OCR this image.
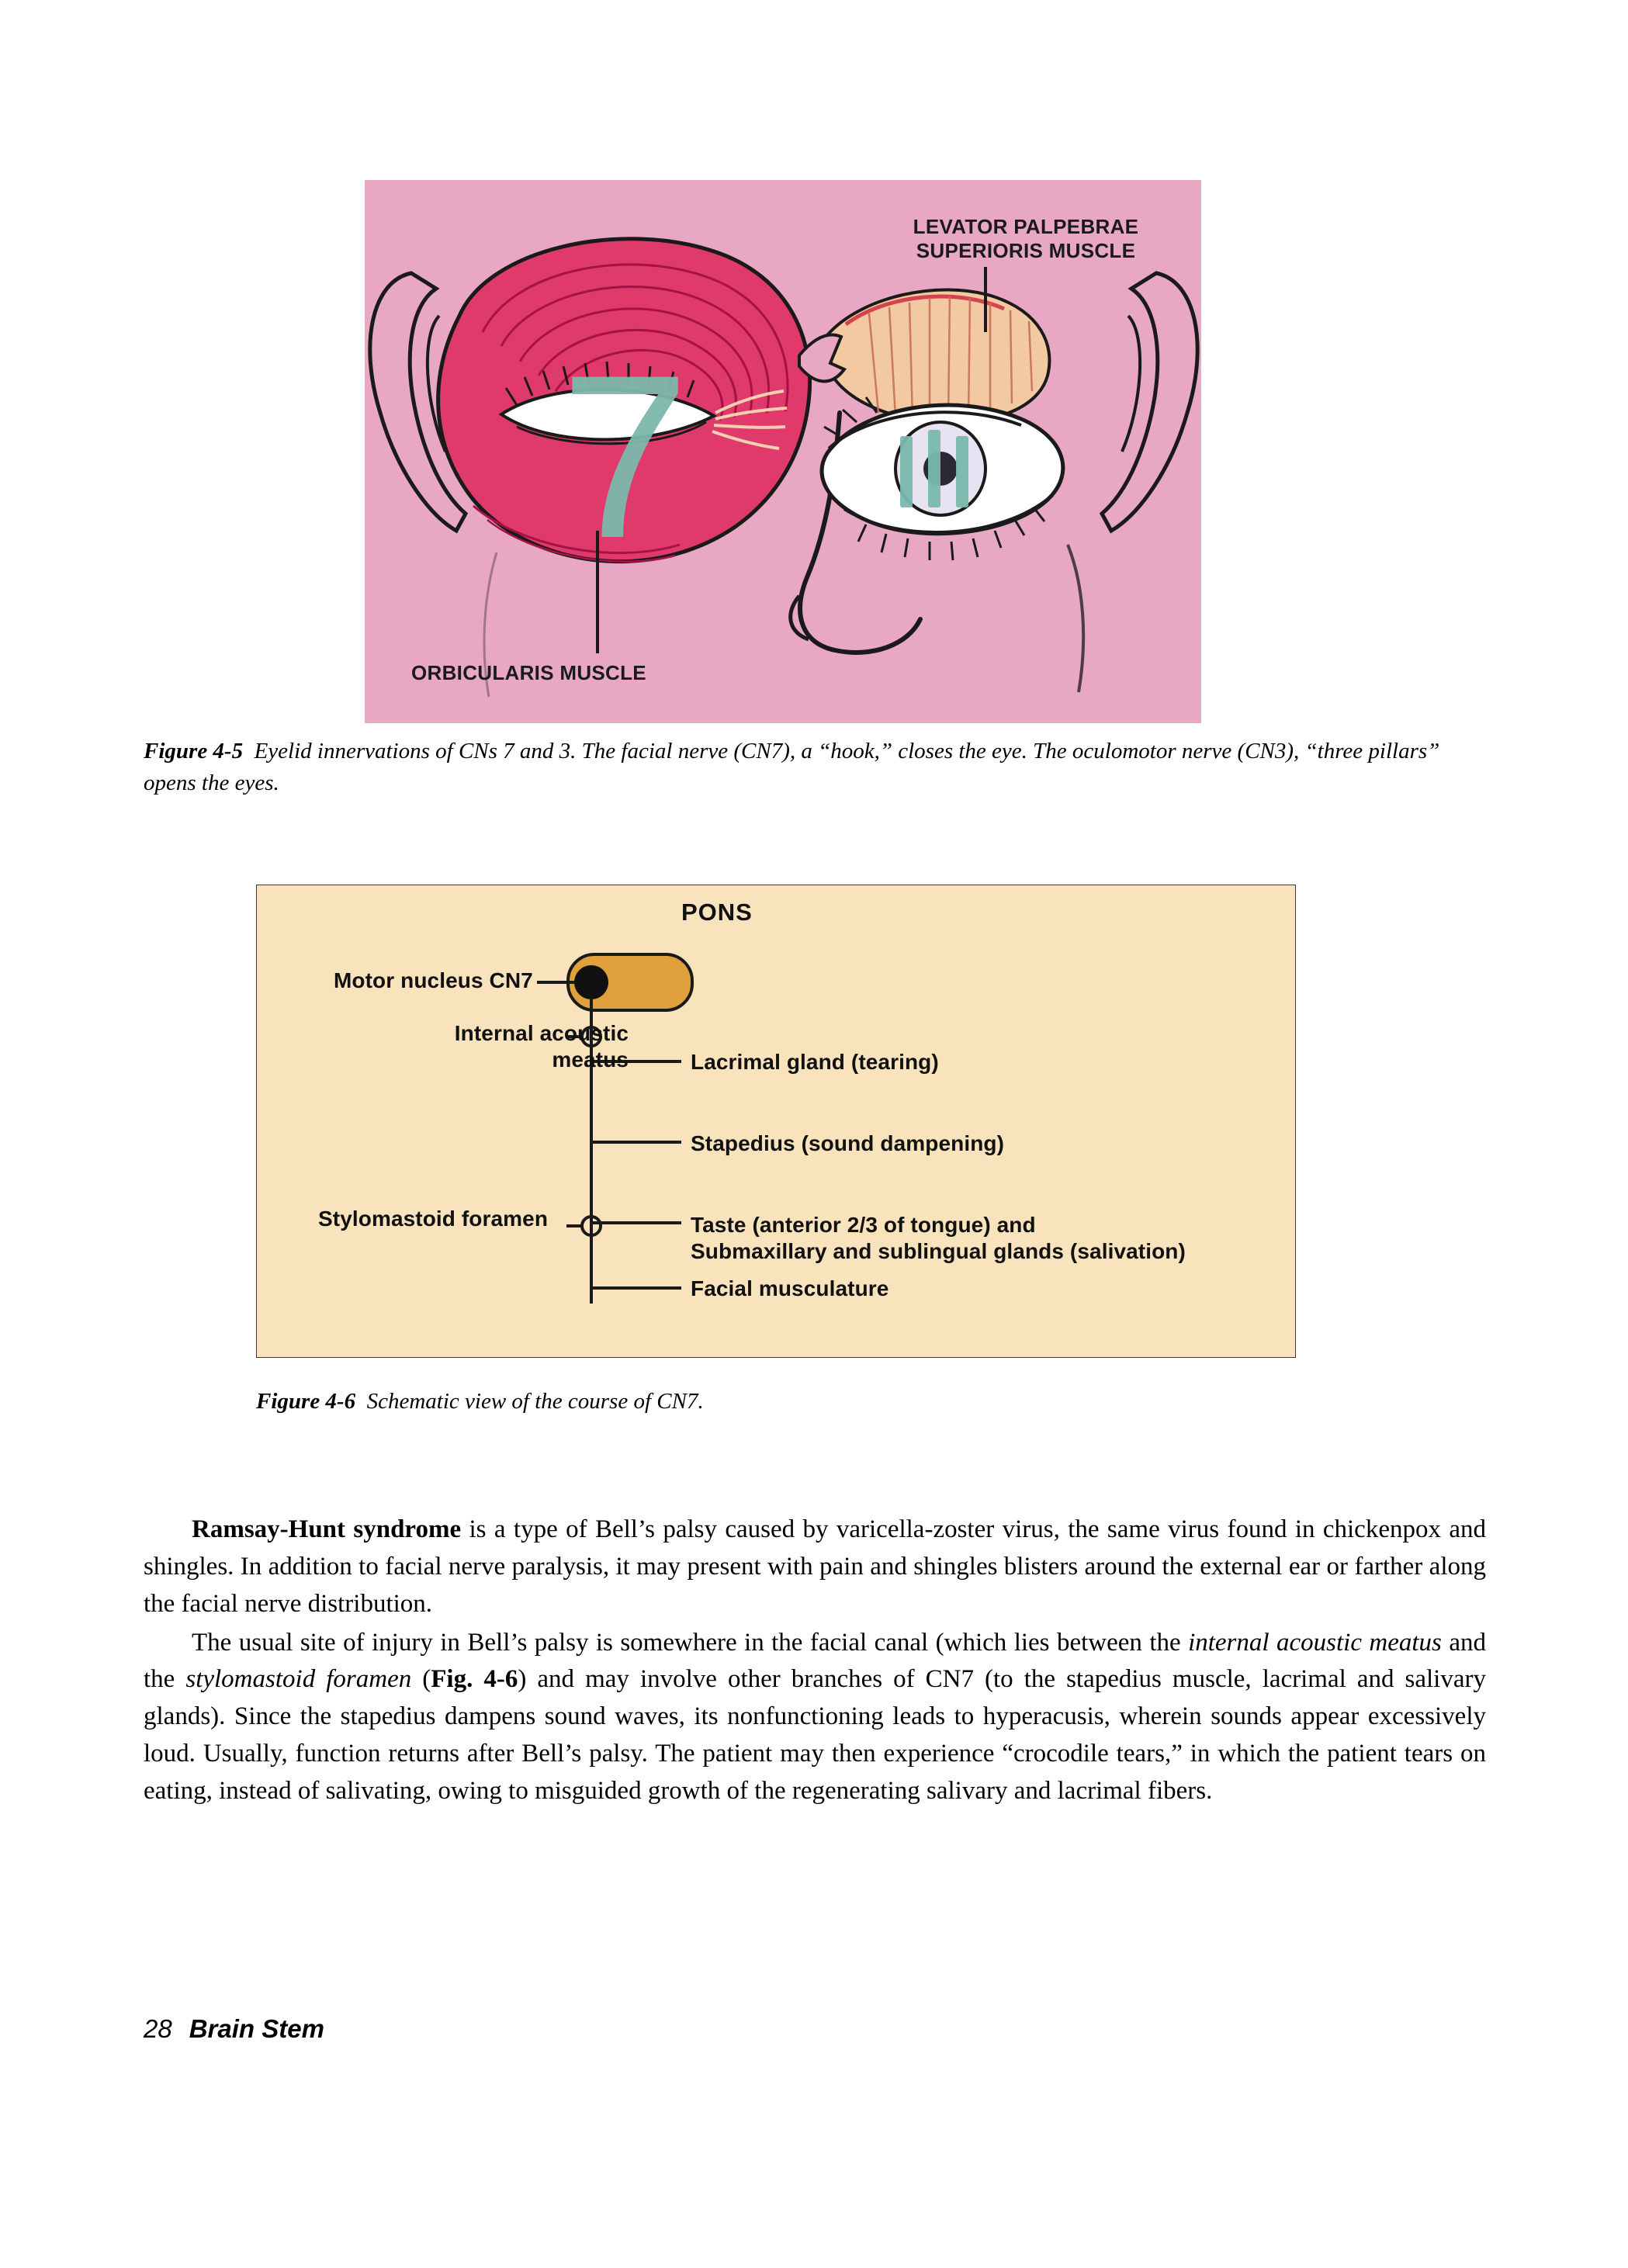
7
LEVATOR PALPEBRAE
SUPERIORIS MUSCLE
ORBICULARIS MUSCLE
Figure 4-5 Eyelid innervations of CNs 7 and 3. The facial nerve (CN7), a “hook,” closes the eye. The oculomotor nerve (CN3), “three pillars” opens the eyes.
PONS
Motor nucleus CN7
Internal acoustic
meatus
Stylomastoid foramen
Lacrimal gland (tearing)
Stapedius (sound dampening)
Taste (anterior 2/3 of tongue) and
Submaxillary and sublingual glands (salivation)
Facial musculature
Figure 4-6 Schematic view of the course of CN7.

Ramsay-Hunt syndrome is a type of Bell’s palsy caused by varicella-zoster virus, the same virus found in chickenpox and shingles. In addition to facial nerve paralysis, it may present with pain and shingles blisters around the external ear or farther along the facial nerve distribution.

The usual site of injury in Bell’s palsy is somewhere in the facial canal (which lies between the internal acoustic meatus and the stylomastoid foramen (Fig. 4-6) and may involve other branches of CN7 (to the stapedius muscle, lacrimal and salivary glands). Since the stapedius dampens sound waves, its nonfunctioning leads to hyperacusis, wherein sounds appear excessively loud. Usually, function returns after Bell’s palsy. The patient may then experience “crocodile tears,” in which the patient tears on eating, instead of salivating, owing to misguided growth of the regenerating salivary and lacrimal fibers.

28 Brain Stem
